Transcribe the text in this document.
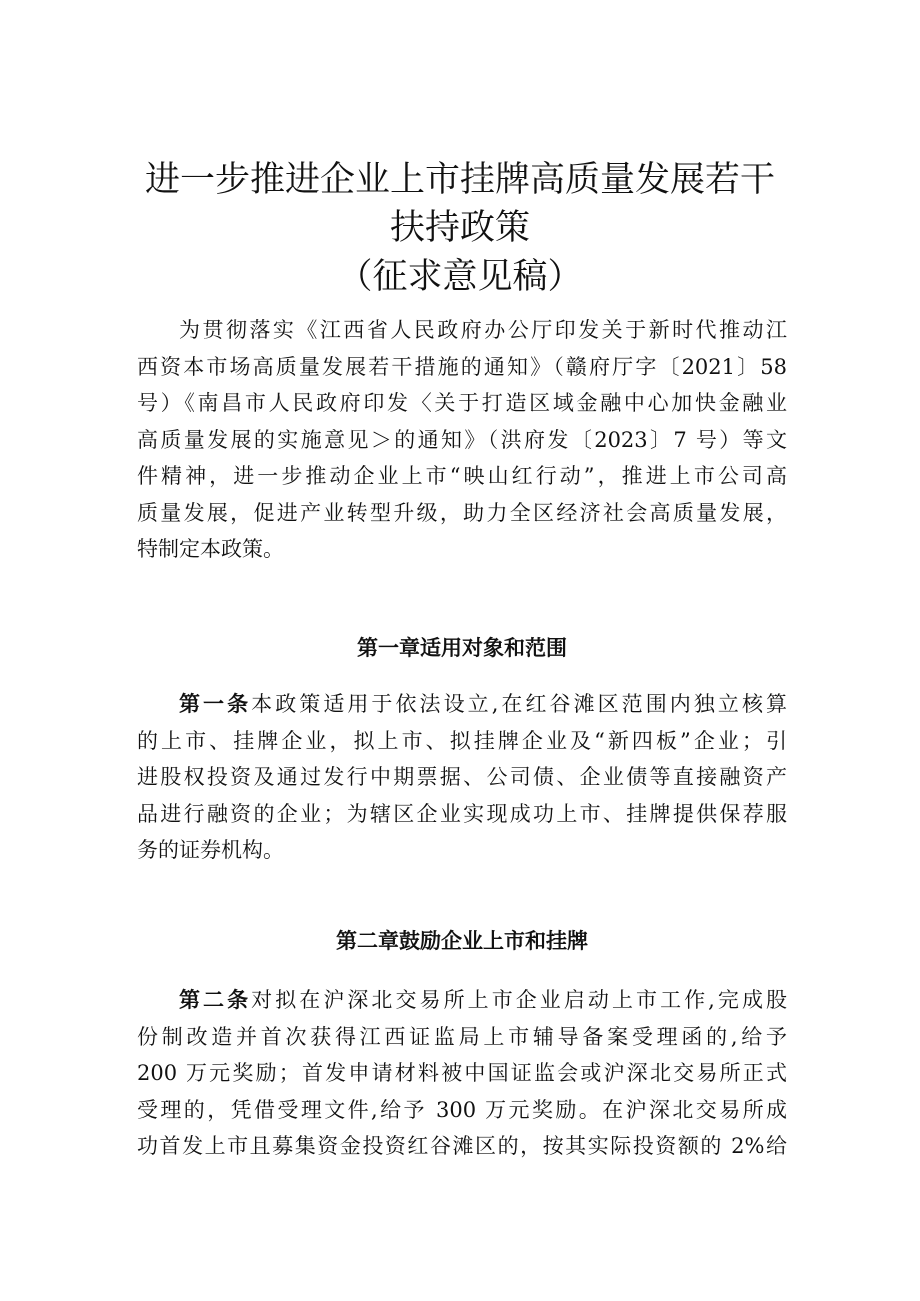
进一步推进企业上市挂牌高质量发展若干
扶持政策
（征求意见稿）
为贯彻落实《江西省人民政府办公厅印发关于新时代推动江
西资本市场高质量发展若干措施的通知》（赣府厅字〔2021〕58
号）《南昌市人民政府印发〈关于打造区域金融中心加快金融业
高质量发展的实施意见＞的通知》（洪府发〔2023〕7 号）等文
件精神，进一步推动企业上市“映山红行动”，推进上市公司高
质量发展，促进产业转型升级，助力全区经济社会高质量发展，
特制定本政策。
第一章适用对象和范围
第一条本政策适用于依法设立,在红谷滩区范围内独立核算
的上市、挂牌企业，拟上市、拟挂牌企业及“新四板”企业；引
进股权投资及通过发行中期票据、公司债、企业债等直接融资产
品进行融资的企业；为辖区企业实现成功上市、挂牌提供保荐服
务的证券机构。
第二章鼓励企业上市和挂牌
第二条对拟在沪深北交易所上市企业启动上市工作,完成股
份制改造并首次获得江西证监局上市辅导备案受理函的,给予
200 万元奖励；首发申请材料被中国证监会或沪深北交易所正式
受理的，凭借受理文件,给予 300 万元奖励。在沪深北交易所成
功首发上市且募集资金投资红谷滩区的，按其实际投资额的 2%给
